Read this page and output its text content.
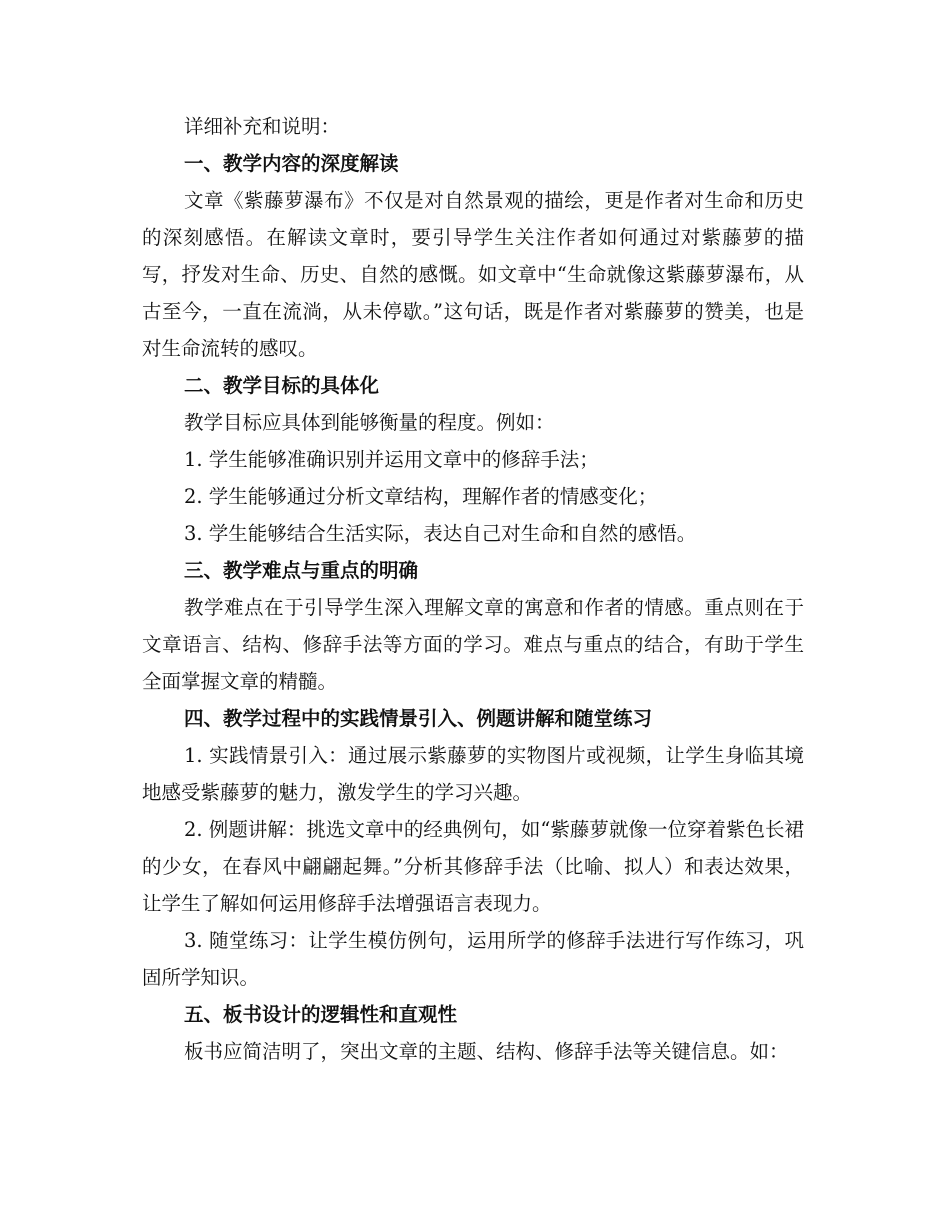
详细补充和说明：

一、教学内容的深度解读

文章《紫藤萝瀑布》不仅是对自然景观的描绘，更是作者对生命和历史的深刻感悟。在解读文章时，要引导学生关注作者如何通过对紫藤萝的描写，抒发对生命、历史、自然的感慨。如文章中“生命就像这紫藤萝瀑布，从古至今，一直在流淌，从未停歇。”这句话，既是作者对紫藤萝的赞美，也是对生命流转的感叹。

二、教学目标的具体化

教学目标应具体到能够衡量的程度。例如：

1. 学生能够准确识别并运用文章中的修辞手法；

2. 学生能够通过分析文章结构，理解作者的情感变化；

3. 学生能够结合生活实际，表达自己对生命和自然的感悟。

三、教学难点与重点的明确

教学难点在于引导学生深入理解文章的寓意和作者的情感。重点则在于文章语言、结构、修辞手法等方面的学习。难点与重点的结合，有助于学生全面掌握文章的精髓。

四、教学过程中的实践情景引入、例题讲解和随堂练习

1. 实践情景引入：通过展示紫藤萝的实物图片或视频，让学生身临其境地感受紫藤萝的魅力，激发学生的学习兴趣。

2. 例题讲解：挑选文章中的经典例句，如“紫藤萝就像一位穿着紫色长裙的少女，在春风中翩翩起舞。”分析其修辞手法（比喻、拟人）和表达效果，让学生了解如何运用修辞手法增强语言表现力。

3. 随堂练习：让学生模仿例句，运用所学的修辞手法进行写作练习，巩固所学知识。

五、板书设计的逻辑性和直观性

板书应简洁明了，突出文章的主题、结构、修辞手法等关键信息。如：
